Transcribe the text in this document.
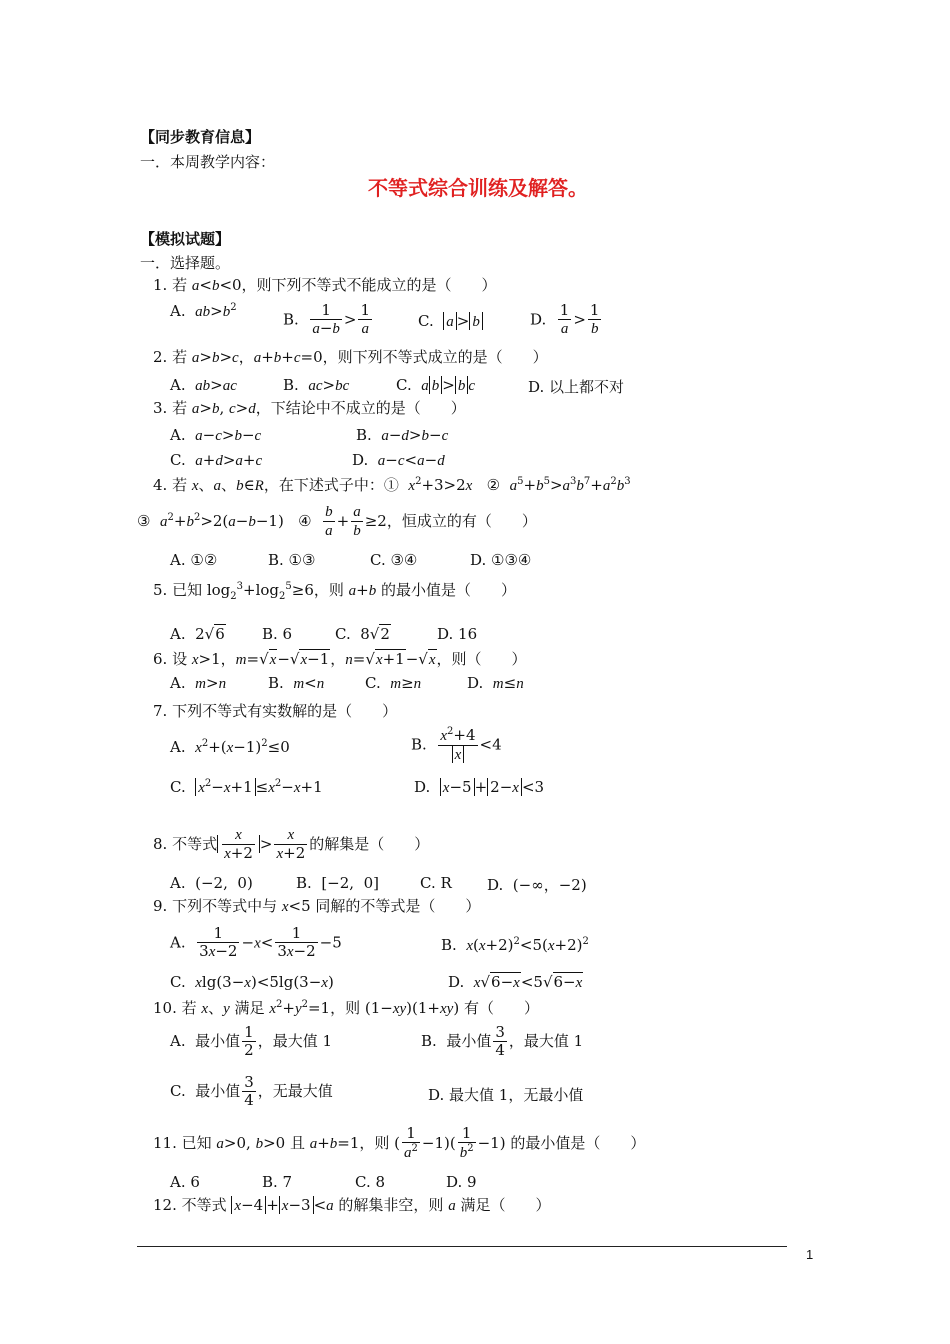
【同步教育信息】
一．本周教学内容：
不等式综合训练及解答。
【模拟试题】
一．选择题。
1. 若 a<b<0，则下列不等式不能成立的是（　　）
A.  $ab>b^2$
B. $\frac{1}{a-b} > \frac{1}{a}$	C.  a > b	D. $\frac{1}{a} > \frac{1}{b}$
2. 若 a>b>c，a+b+c=0，则下列不等式成立的是（　　）
A.  ab>ac	B.  ac>bc	C.  a b > b c	D. 以上都不对
3. 若 a>b, c>d，下结论中不成立的是（　　）
A.  a−c>b−c	B.  a−d>b−c
C.  a+d>a+c	D.  a−c<a−d
4. 若 x、a、b∈R，在下述式子中：①  $x^2+3>2x$   ②  $a^5+b^5>a^3b^7+a^2b^3$
③  $a^2+b^2>2(a-b-1)$   ④ $\frac{b}{a} + \frac{a}{b} \ge 2$，恒成立的有（　　）
A. ①②	B. ①③	C. ③④	D. ①③④
5. 已知 $\log_2^3+\log_2^5\ge 6$，则 a+b 的最小值是（　　）
A.  2√6 B. 6	C.  8√2	D. 16
6. 设 x>1，m=√x−√x−1，n=√x+1−√x，则（　　）
A.  m>n	B.  m<n	C.  m≥n	D.  m≤n
7. 下列不等式有实数解的是（　　）
A.  $x^2+(x-1)^2\le 0$	B. $\frac{x^2+4}{x} <4$
C.  $x^2-x+1 \le x^2-x+1$	D.  x−5 + 2−x <3
8. 不等式 $\frac{x}{x+2} > \frac{x}{x+2}$ 的解集是（　　）
A.  (−2,  0)	B.  [−2,  0]	C. R D.  (−∞，−2)
9. 下列不等式中与 x<5 同解的不等式是（　　）
A. $\frac{1}{3x-2} -x< \frac{1}{3x-2} -5$	B.  $x(x+2)^2<5(x+2)^2$
C.  xlg(3−x)<5lg(3−x)	D.  x√6−x<5√6−x
10. 若 x、y 满足 $x^2+y^2=1$，则 (1−xy)(1+xy) 有（　　）
A.  最小值 $\frac{1}{2}$ ，最大值 1	B.  最小值 $\frac{3}{4}$ ，最大值 1
C.  最小值 $\frac{3}{4}$ ，无最大值	D. 最大值 1，无最小值
11. 已知 a>0, b>0 且 a+b=1，则 ( $\frac{1}{a^2} -1)( \frac{1}{b^2} -1)$ 的最小值是（　　）
A. 6	B. 7	C. 8	D. 9
12. 不等式 x−4 + x−3 <a 的解集非空，则 a 满足（　　）
1
